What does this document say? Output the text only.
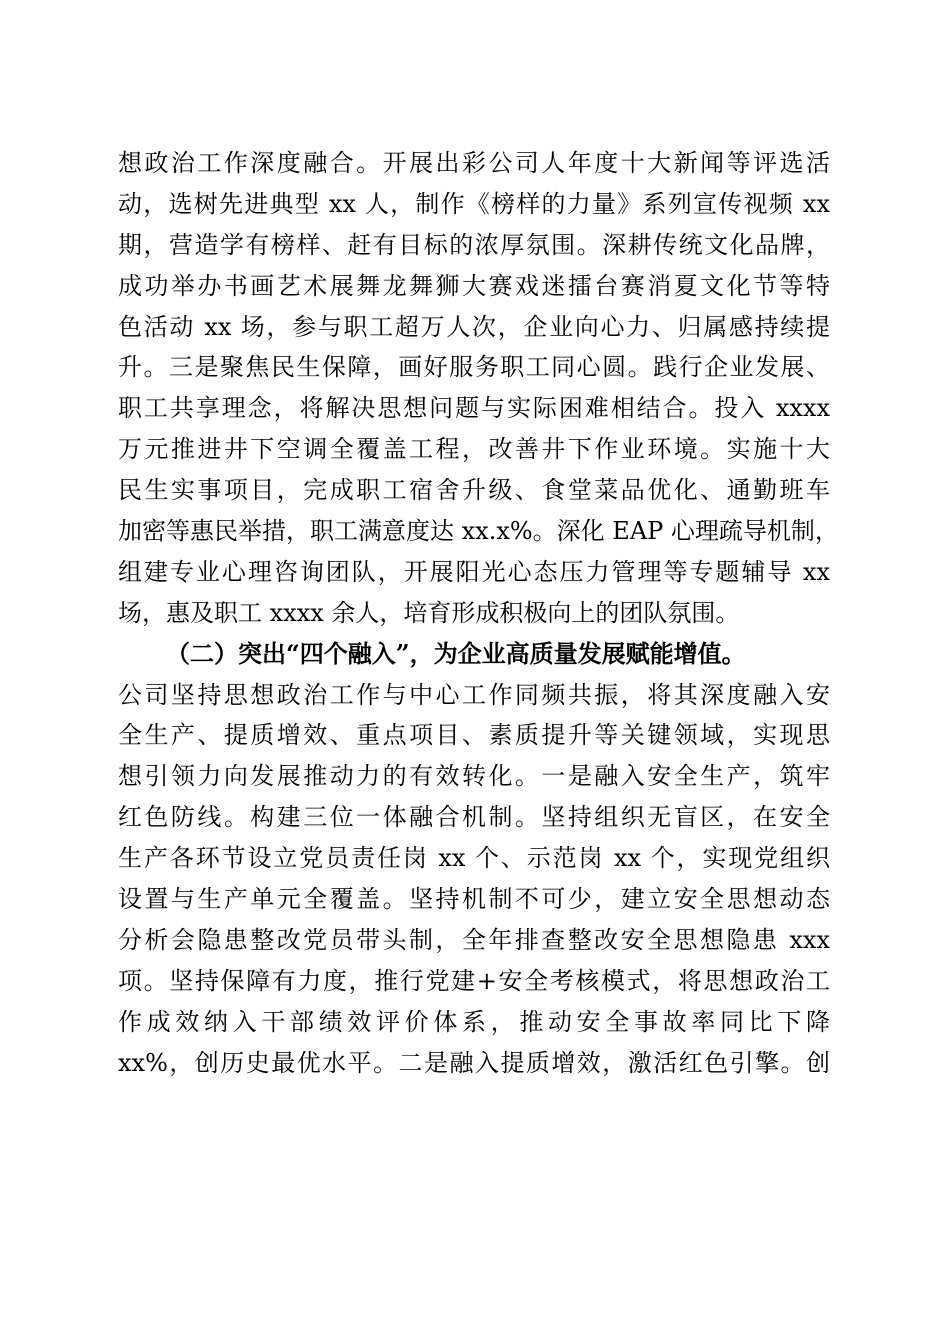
想政治工作深度融合。开展出彩公司人年度十大新闻等评选活
动，选树先进典型 xx 人，制作《榜样的力量》系列宣传视频 xx
期，营造学有榜样、赶有目标的浓厚氛围。深耕传统文化品牌，
成功举办书画艺术展舞龙舞狮大赛戏迷擂台赛消夏文化节等特
色活动 xx 场，参与职工超万人次，企业向心力、归属感持续提
升。三是聚焦民生保障，画好服务职工同心圆。践行企业发展、
职工共享理念，将解决思想问题与实际困难相结合。投入 xxxx
万元推进井下空调全覆盖工程，改善井下作业环境。实施十大
民生实事项目，完成职工宿舍升级、食堂菜品优化、通勤班车
加密等惠民举措，职工满意度达 xx.x%。深化 EAP 心理疏导机制，
组建专业心理咨询团队，开展阳光心态压力管理等专题辅导 xx
场，惠及职工 xxxx 余人，培育形成积极向上的团队氛围。
（二）突出“四个融入”，为企业高质量发展赋能增值。
公司坚持思想政治工作与中心工作同频共振，将其深度融入安
全生产、提质增效、重点项目、素质提升等关键领域，实现思
想引领力向发展推动力的有效转化。一是融入安全生产，筑牢
红色防线。构建三位一体融合机制。坚持组织无盲区，在安全
生产各环节设立党员责任岗 xx 个、示范岗 xx 个，实现党组织
设置与生产单元全覆盖。坚持机制不可少，建立安全思想动态
分析会隐患整改党员带头制，全年排查整改安全思想隐患 xxx
项。坚持保障有力度，推行党建+安全考核模式，将思想政治工
作成效纳入干部绩效评价体系，推动安全事故率同比下降
xx%，创历史最优水平。二是融入提质增效，激活红色引擎。创
